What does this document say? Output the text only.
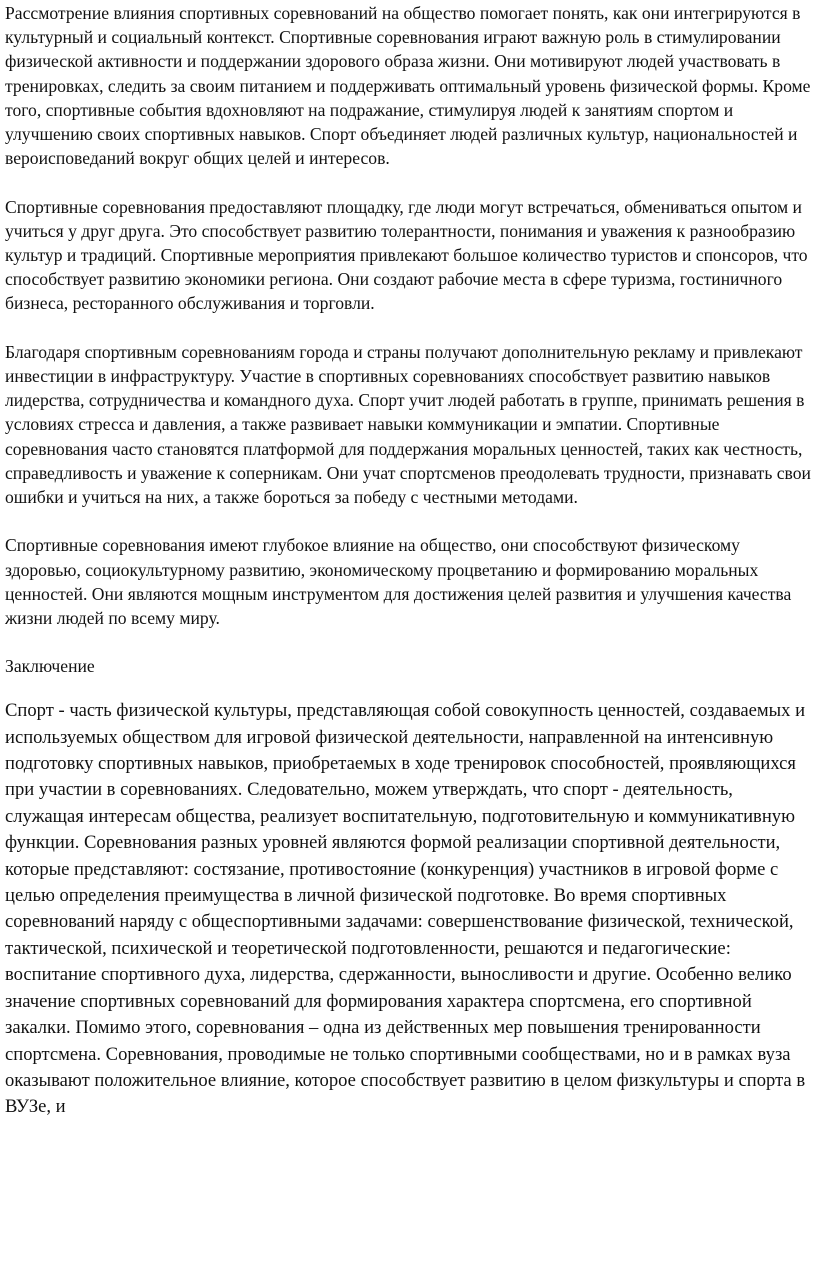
Рассмотрение влияния спортивных соревнований на общество помогает понять, как они интегрируются в культурный и социальный контекст. Спортивные соревнования играют важную роль в стимулировании физической активности и поддержании здорового образа жизни. Они мотивируют людей участвовать в тренировках, следить за своим питанием и поддерживать оптимальный уровень физической формы. Кроме того, спортивные события вдохновляют на подражание, стимулируя людей к занятиям спортом и улучшению своих спортивных навыков. Спорт объединяет людей различных культур, национальностей и вероисповеданий вокруг общих целей и интересов.

Спортивные соревнования предоставляют площадку, где люди могут встречаться, обмениваться опытом и учиться у друг друга. Это способствует развитию толерантности, понимания и уважения к разнообразию культур и традиций. Спортивные мероприятия привлекают большое количество туристов и спонсоров, что способствует развитию экономики региона. Они создают рабочие места в сфере туризма, гостиничного бизнеса, ресторанного обслуживания и торговли.

Благодаря спортивным соревнованиям города и страны получают дополнительную рекламу и привлекают инвестиции в инфраструктуру. Участие в спортивных соревнованиях способствует развитию навыков лидерства, сотрудничества и командного духа. Спорт учит людей работать в группе, принимать решения в условиях стресса и давления, а также развивает навыки коммуникации и эмпатии. Спортивные соревнования часто становятся платформой для поддержания моральных ценностей, таких как честность, справедливость и уважение к соперникам. Они учат спортсменов преодолевать трудности, признавать свои ошибки и учиться на них, а также бороться за победу с честными методами.

Спортивные соревнования имеют глубокое влияние на общество, они способствуют физическому здоровью, социокультурному развитию, экономическому процветанию и формированию моральных ценностей. Они являются мощным инструментом для достижения целей развития и улучшения качества жизни людей по всему миру.

Заключение

Спорт - часть физической культуры, представляющая собой совокупность ценностей, создаваемых и используемых обществом для игровой физической деятельности, направленной на интенсивную подготовку спортивных навыков, приобретаемых в ходе тренировок способностей, проявляющихся при участии в соревнованиях. Следовательно, можем утверждать, что спорт - деятельность, служащая интересам общества, реализует воспитательную, подготовительную и коммуникативную функции. Соревнования разных уровней являются формой реализации спортивной деятельности, которые представляют: состязание, противостояние (конкуренция) участников в игровой форме с целью определения преимущества в личной физической подготовке. Во время спортивных соревнований наряду с общеспортивными задачами: совершенствование физической, технической, тактической, психической и теоретической подготовленности, решаются и педагогические: воспитание спортивного духа, лидерства, сдержанности, выносливости и другие. Особенно велико значение спортивных соревнований для формирования характера спортсмена, его спортивной закалки. Помимо этого, соревнования – одна из действенных мер повышения тренированности спортсмена. Соревнования, проводимые не только спортивными сообществами, но и в рамках вуза оказывают положительное влияние, которое способствует развитию в целом физкультуры и спорта в ВУЗе, и
